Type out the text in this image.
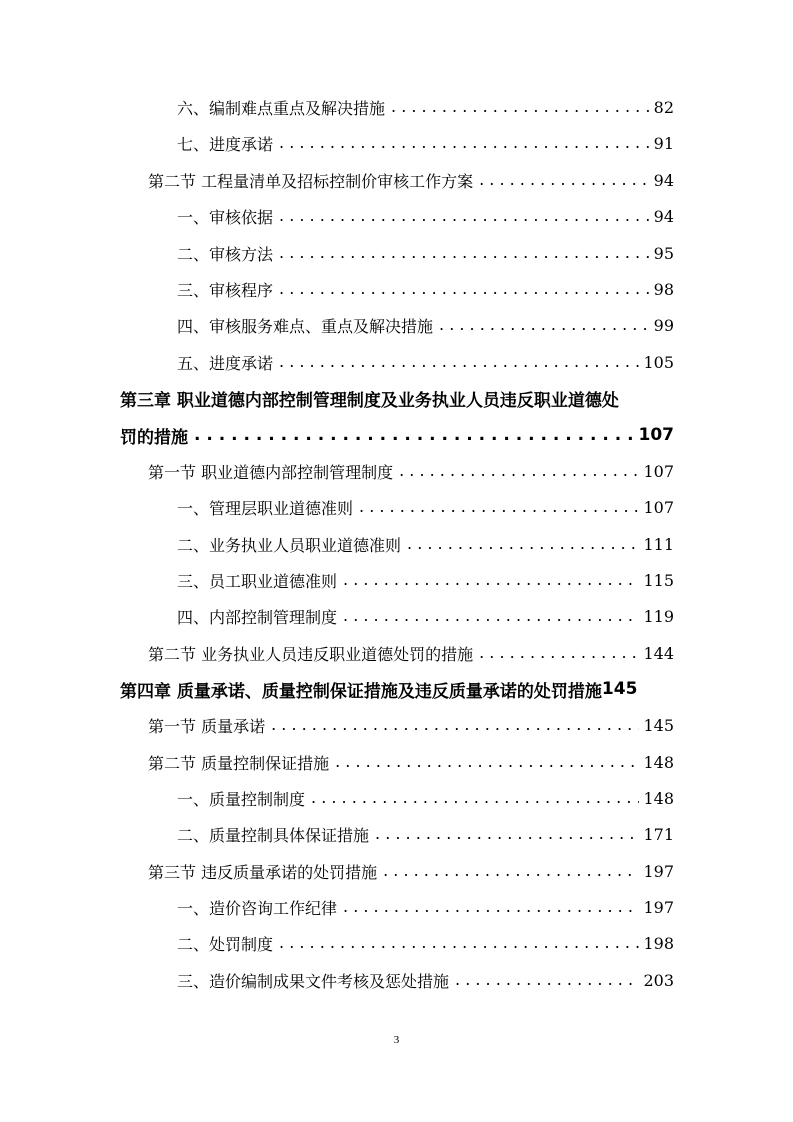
六、编制难点重点及解决措施 . . .	82
七、进度承诺 . . .	91
第二节 工程量清单及招标控制价审核工作方案 . . .	94
一、审核依据 . . .	94
二、审核方法 . . .	95
三、审核程序 . . .	98
四、审核服务难点、重点及解决措施 . . .	99
五、进度承诺 . . .	105
第三章 职业道德内部控制管理制度及业务执业人员违反职业道德处
罚的措施 . . .	107
第一节 职业道德内部控制管理制度 . . .	107
一、管理层职业道德准则 . . .	107
二、业务执业人员职业道德准则 . . .	111
三、员工职业道德准则 . . .	115
四、内部控制管理制度 . . .	119
第二节 业务执业人员违反职业道德处罚的措施 . . .	144
第四章 质量承诺、质量控制保证措施及违反质量承诺的处罚措施 145
第一节 质量承诺 . . .	145
第二节 质量控制保证措施 . . .	148
一、质量控制制度 . . .	148
二、质量控制具体保证措施 . . .	171
第三节 违反质量承诺的处罚措施 . . .	197
一、造价咨询工作纪律 . . .	197
二、处罚制度 . . .	198
三、造价编制成果文件考核及惩处措施 . . .	203
3
